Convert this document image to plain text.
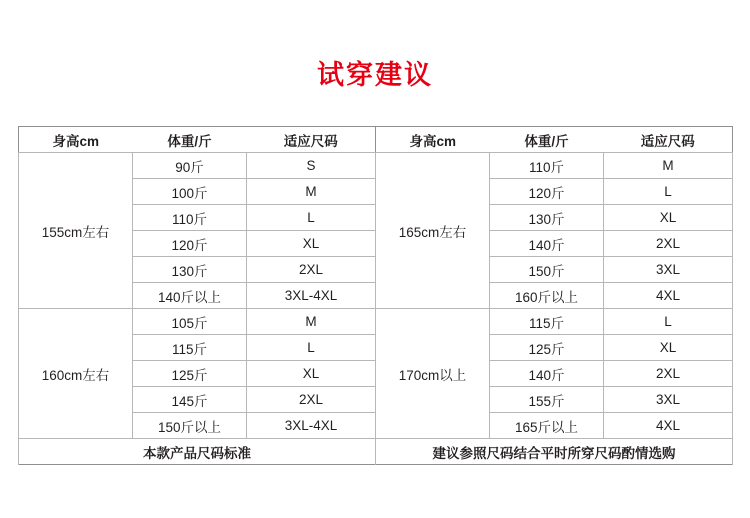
试穿建议
身高cm	体重/斤	适应尺码	身高cm	体重/斤	适应尺码
155cm左右	90斤	S	165cm左右	110斤	M
	100斤	M		120斤	L
	110斤	L		130斤	XL
	120斤	XL		140斤	2XL
	130斤	2XL		150斤	3XL
	140斤以上	3XL-4XL		160斤以上	4XL
160cm左右	105斤	M	170cm以上	115斤	L
	115斤	L		125斤	XL
	125斤	XL		140斤	2XL
	145斤	2XL		155斤	3XL
	150斤以上	3XL-4XL		165斤以上	4XL
本款产品尺码标准			建议参照尺码结合平时所穿尺码酌情选购		
